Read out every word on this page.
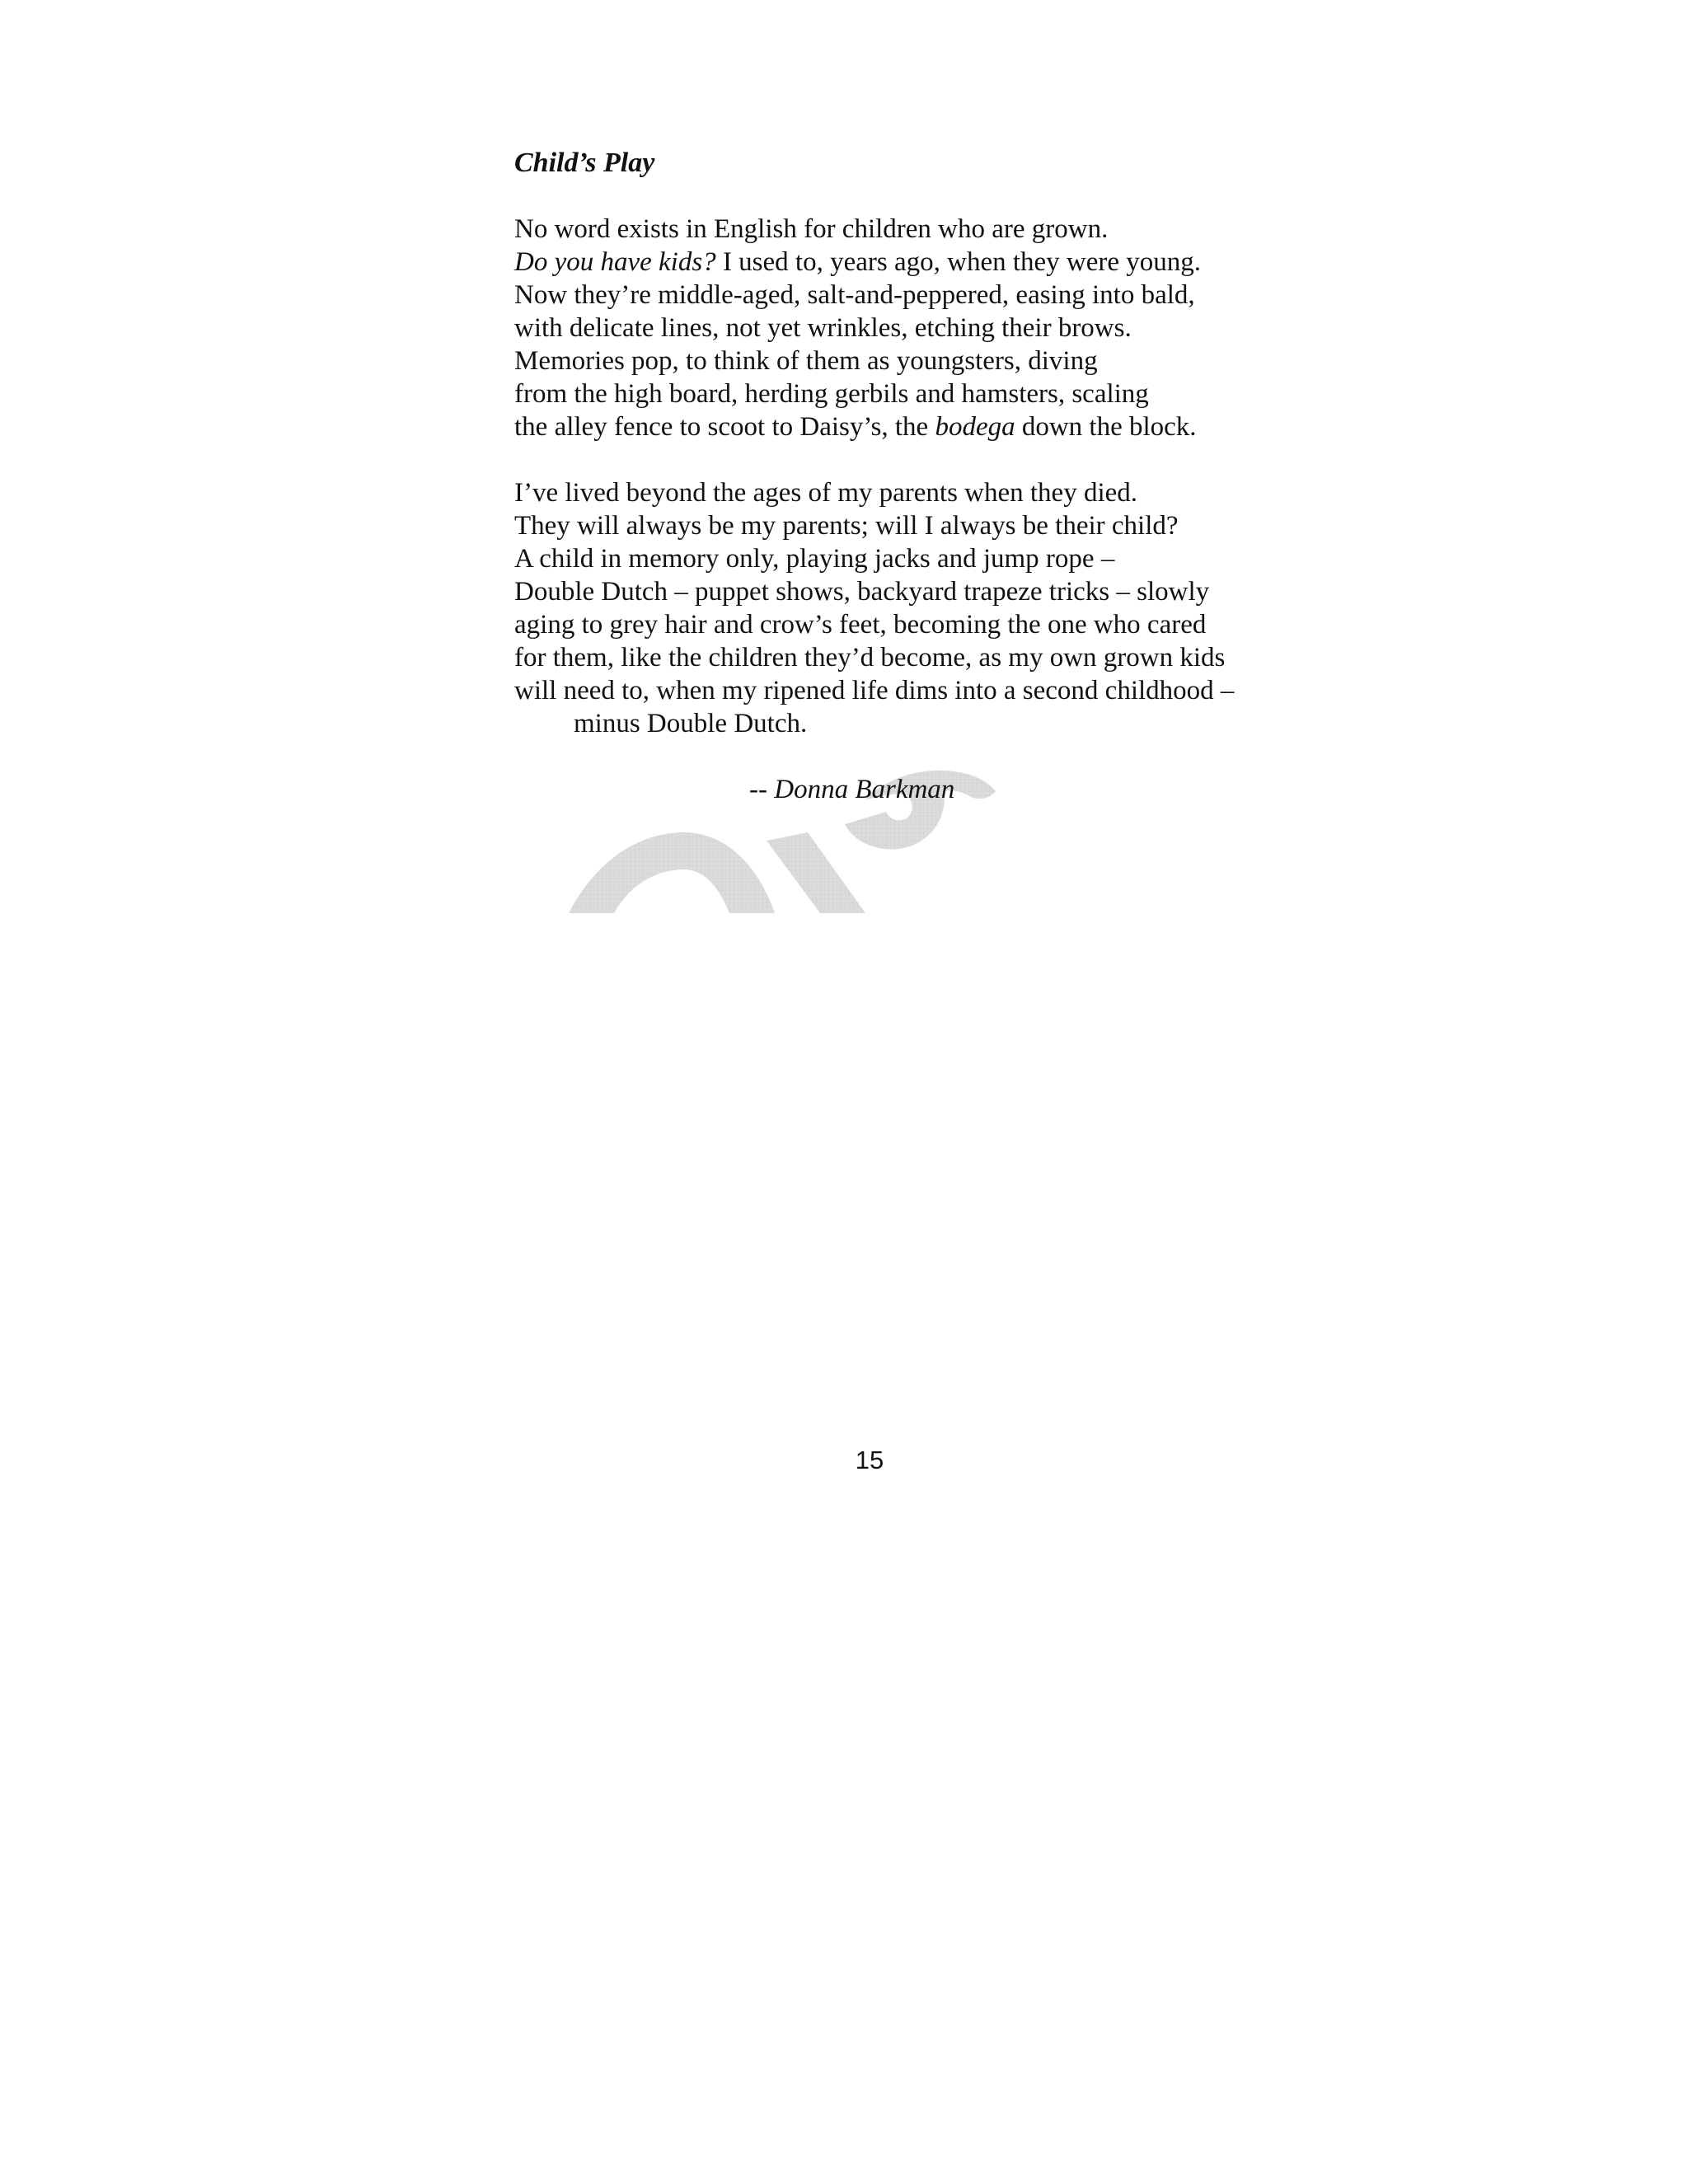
Child’s Play
No word exists in English for children who are grown.
Do you have kids? I used to, years ago, when they were young.
Now they’re middle-aged, salt-and-peppered, easing into bald,
with delicate lines, not yet wrinkles, etching their brows.
Memories pop, to think of them as youngsters, diving
from the high board, herding gerbils and hamsters, scaling
the alley fence to scoot to Daisy’s, the bodega down the block.
I’ve lived beyond the ages of my parents when they died.
They will always be my parents; will I always be their child?
A child in memory only, playing jacks and jump rope –
Double Dutch – puppet shows, backyard trapeze tricks – slowly
aging to grey hair and crow’s feet, becoming the one who cared
for them, like the children they’d become, as my own grown kids
will need to, when my ripened life dims into a second childhood –
minus Double Dutch.
-- Donna Barkman
15
